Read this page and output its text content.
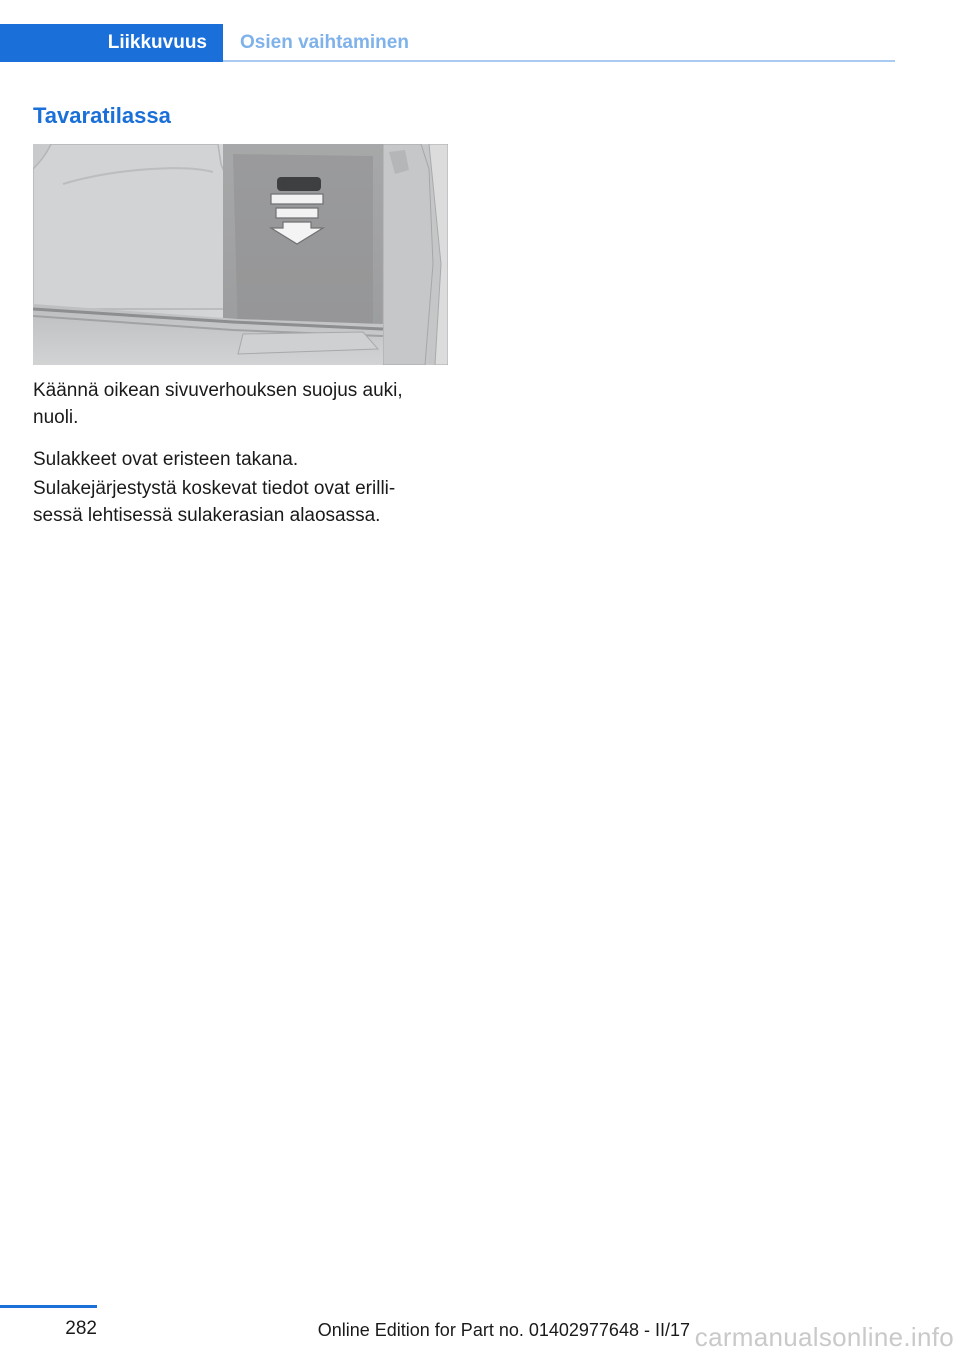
Liikkuvuus Osien vaihtaminen
Tavaratilassa

Käännä oikean sivuverhouksen suojus auki, nuoli.

Sulakkeet ovat eristeen takana.

Sulakejärjestystä koskevat tiedot ovat erillisessä lehtisessä sulakerasian alaosassa.

282	Online Edition for Part no. 01402977648 - II/17 carmanualsonline.info
